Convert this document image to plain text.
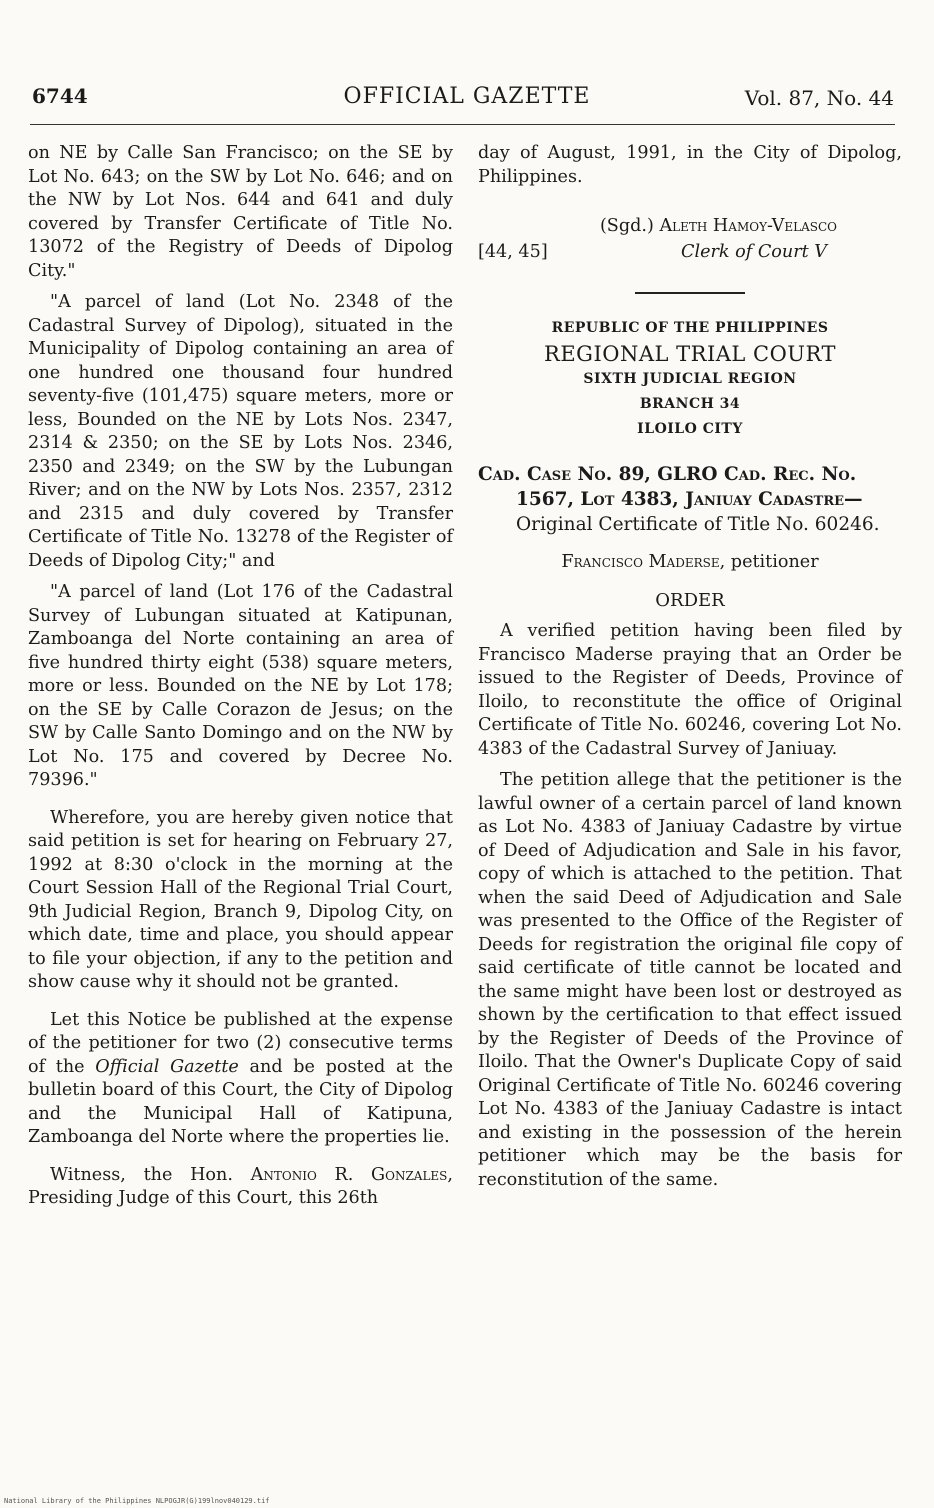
6744	OFFICIAL GAZETTE	Vol. 87, No. 44

on NE by Calle San Francisco; on the SE by Lot No. 643; on the SW by Lot No. 646; and on the NW by Lot Nos. 644 and 641 and duly covered by Transfer Certificate of Title No. 13072 of the Registry of Deeds of Dipolog City."

"A parcel of land (Lot No. 2348 of the Cadastral Survey of Dipolog), situated in the Municipality of Dipolog containing an area of one hundred one thousand four hundred seventy-five (101,475) square meters, more or less, Bounded on the NE by Lots Nos. 2347, 2314 & 2350; on the SE by Lots Nos. 2346, 2350 and 2349; on the SW by the Lubungan River; and on the NW by Lots Nos. 2357, 2312 and 2315 and duly covered by Transfer Certificate of Title No. 13278 of the Register of Deeds of Dipolog City;" and

"A parcel of land (Lot 176 of the Cadastral Survey of Lubungan situated at Katipunan, Zamboanga del Norte containing an area of five hundred thirty eight (538) square meters, more or less. Bounded on the NE by Lot 178; on the SE by Calle Corazon de Jesus; on the SW by Calle Santo Domingo and on the NW by Lot No. 175 and covered by Decree No. 79396."

Wherefore, you are hereby given notice that said petition is set for hearing on February 27, 1992 at 8:30 o'clock in the morning at the Court Session Hall of the Regional Trial Court, 9th Judicial Region, Branch 9, Dipolog City, on which date, time and place, you should appear to file your objection, if any to the petition and show cause why it should not be granted.

Let this Notice be published at the expense of the petitioner for two (2) consecutive terms of the Official Gazette and be posted at the bulletin board of this Court, the City of Dipolog and the Municipal Hall of Katipuna, Zamboanga del Norte where the properties lie.

Witness, the Hon. Antonio R. Gonzales, Presiding Judge of this Court, this 26th

day of August, 1991, in the City of Dipolog, Philippines.

(Sgd.) Aleth Hamoy-Velasco

[44, 45]	Clerk of Court V
REPUBLIC OF THE PHILIPPINES
REGIONAL TRIAL COURT
SIXTH JUDICIAL REGION
BRANCH 34
ILOILO CITY

Cad. Case No. 89, GLRO Cad. Rec. No. 1567, Lot 4383, Janiuay Cadastre— Original Certificate of Title No. 60246.

Francisco Maderse, petitioner

ORDER

A verified petition having been filed by Francisco Maderse praying that an Order be issued to the Register of Deeds, Province of Iloilo, to reconstitute the office of Original Certificate of Title No. 60246, covering Lot No. 4383 of the Cadastral Survey of Janiuay.

The petition allege that the petitioner is the lawful owner of a certain parcel of land known as Lot No. 4383 of Janiuay Cadastre by virtue of Deed of Adjudication and Sale in his favor, copy of which is attached to the petition. That when the said Deed of Adjudication and Sale was presented to the Office of the Register of Deeds for registration the original file copy of said certificate of title cannot be located and the same might have been lost or destroyed as shown by the certification to that effect issued by the Register of Deeds of the Province of Iloilo. That the Owner's Duplicate Copy of said Original Certificate of Title No. 60246 covering Lot No. 4383 of the Janiuay Cadastre is intact and existing in the possession of the herein petitioner which may be the basis for reconstitution of the same.

National Library of the Philippines NLPOGJR(G)199lnov040129.tif
